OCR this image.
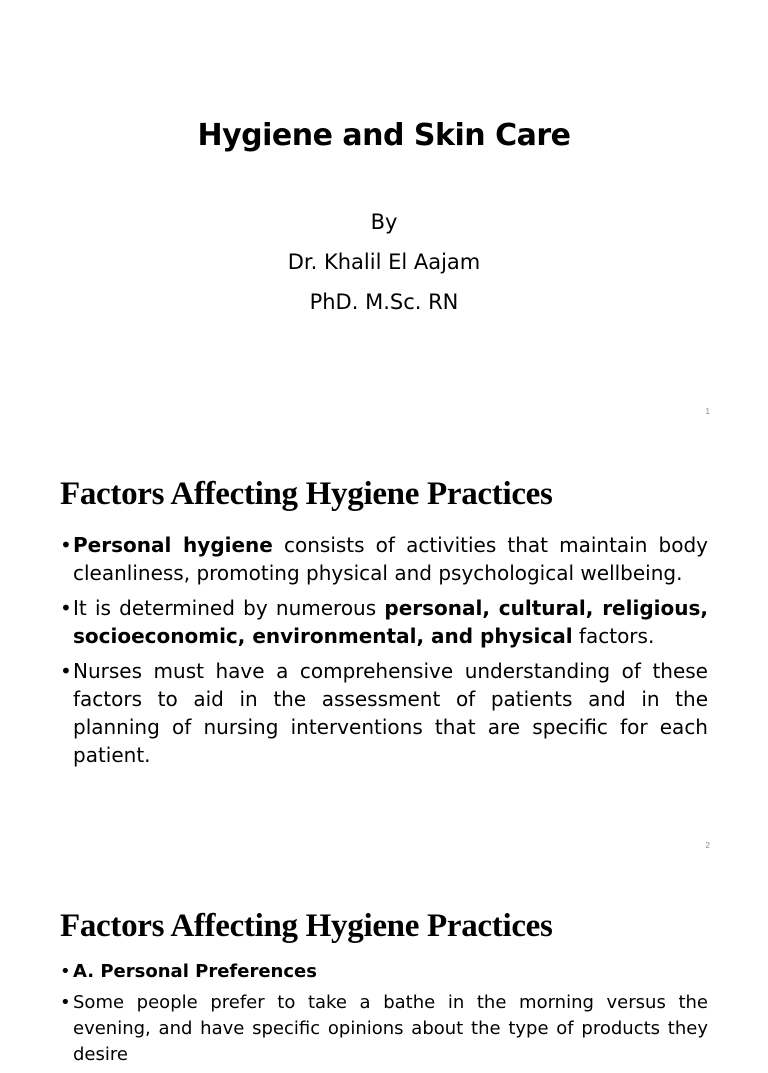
Hygiene and Skin Care
By
Dr. Khalil El Aajam
PhD. M.Sc. RN
1
Factors Affecting Hygiene Practices
• Personal hygiene consists of activities that maintain body cleanliness, promoting physical and psychological wellbeing.
• It is determined by numerous personal, cultural, religious, socioeconomic, environmental, and physical factors.
• Nurses must have a comprehensive understanding of these factors to aid in the assessment of patients and in the planning of nursing interventions that are specific for each patient.
2
Factors Affecting Hygiene Practices
• A. Personal Preferences
• Some people prefer to take a bathe in the morning versus the evening, and have specific opinions about the type of products they desire
